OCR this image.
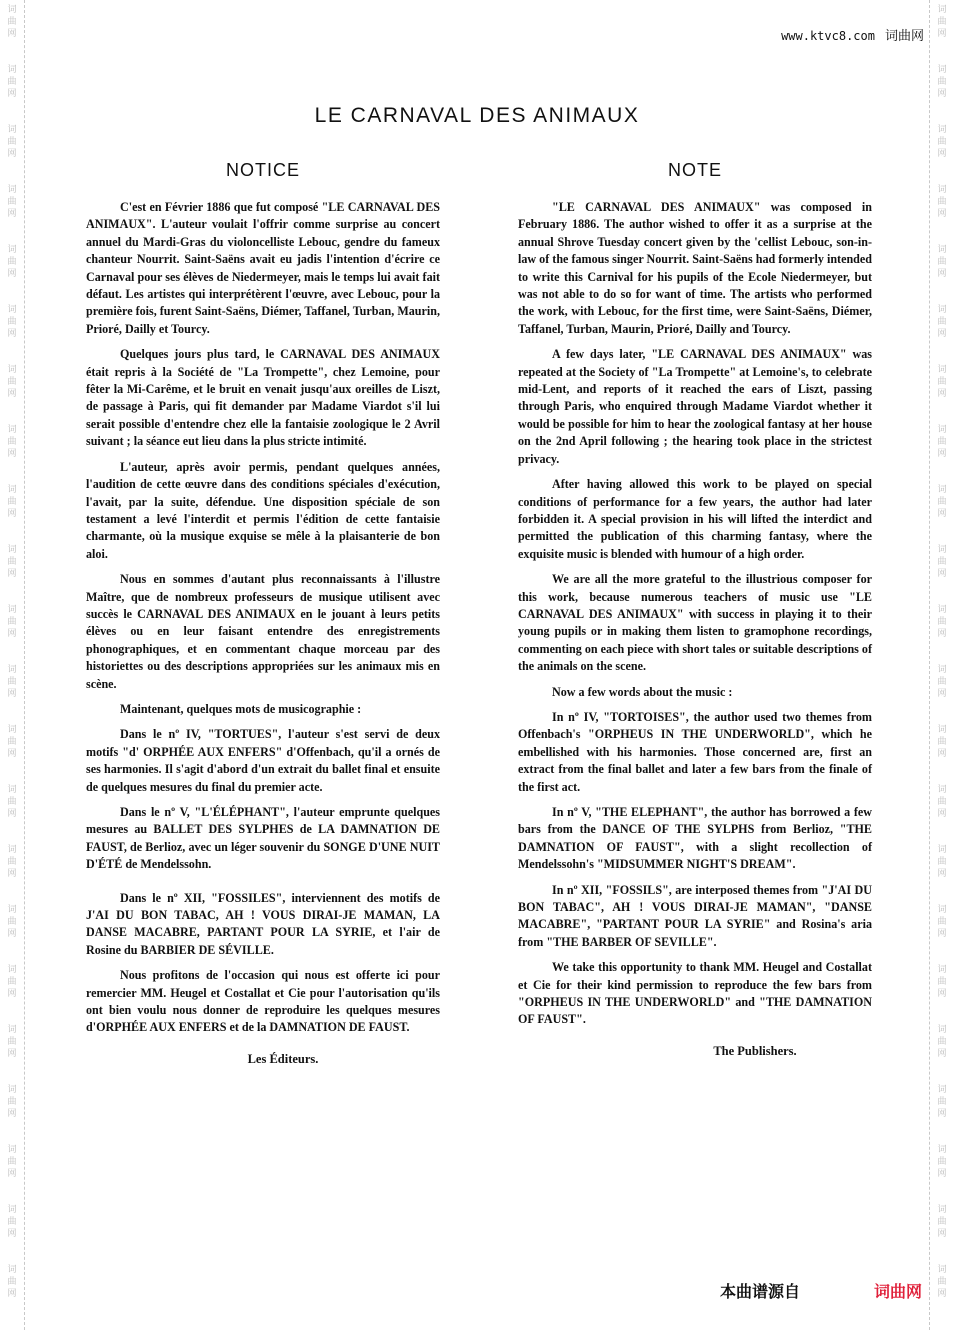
词曲网
词曲网
词曲网
词曲网
词曲网
词曲网
词曲网
词曲网
词曲网
词曲网
词曲网
词曲网
词曲网
词曲网
词曲网
词曲网
词曲网
词曲网
词曲网
词曲网
词曲网
词曲网
词曲网
词曲网
词曲网
词曲网
词曲网
词曲网
词曲网
词曲网
词曲网
词曲网
词曲网
词曲网
词曲网
词曲网
词曲网
词曲网
词曲网
词曲网
词曲网
词曲网
词曲网
词曲网
www.ktvc8.com 词曲网
LE CARNAVAL DES ANIMAUX
NOTICE

C'est en Février 1886 que fut composé "LE CARNAVAL DES ANIMAUX". L'auteur voulait l'offrir comme surprise au concert annuel du Mardi-Gras du violoncelliste Lebouc, gendre du fameux chanteur Nourrit. Saint-Saëns avait eu jadis l'intention d'écrire ce Carnaval pour ses élèves de Niedermeyer, mais le temps lui avait fait défaut. Les artistes qui interprétèrent l'œuvre, avec Lebouc, pour la première fois, furent Saint-Saëns, Diémer, Taffanel, Turban, Maurin, Prioré, Dailly et Tourcy.

Quelques jours plus tard, le CARNAVAL DES ANIMAUX était repris à la Société de "La Trompette", chez Lemoine, pour fêter la Mi-Carême, et le bruit en venait jusqu'aux oreilles de Liszt, de passage à Paris, qui fit demander par Madame Viardot s'il lui serait possible d'entendre chez elle la fantaisie zoologique le 2 Avril suivant ; la séance eut lieu dans la plus stricte intimité.

L'auteur, après avoir permis, pendant quelques années, l'audition de cette œuvre dans des conditions spéciales d'exécution, l'avait, par la suite, défendue. Une disposition spéciale de son testament a levé l'interdit et permis l'édition de cette fantaisie charmante, où la musique exquise se mêle à la plaisanterie de bon aloi.

Nous en sommes d'autant plus reconnaissants à l'illustre Maître, que de nombreux professeurs de musique utilisent avec succès le CARNAVAL DES ANIMAUX en le jouant à leurs petits élèves ou en leur faisant entendre des enregistrements phonographiques, et en commentant chaque morceau par des historiettes ou des descriptions appropriées sur les animaux mis en scène.

Maintenant, quelques mots de musicographie :

Dans le nº IV, "TORTUES", l'auteur s'est servi de deux motifs "d' ORPHÉE AUX ENFERS" d'Offenbach, qu'il a ornés de ses harmonies. Il s'agit d'abord d'un extrait du ballet final et ensuite de quelques mesures du final du premier acte.

Dans le nº V, "L'ÉLÉPHANT", l'auteur emprunte quelques mesures au BALLET DES SYLPHES de LA DAMNATION DE FAUST, de Berlioz, avec un léger souvenir du SONGE D'UNE NUIT D'ÉTÉ de Mendelssohn.

Dans le nº XII, "FOSSILES", interviennent des motifs de J'AI DU BON TABAC, AH ! VOUS DIRAI-JE MAMAN, LA DANSE MACABRE, PARTANT POUR LA SYRIE, et l'air de Rosine du BARBIER DE SÉVILLE.

Nous profitons de l'occasion qui nous est offerte ici pour remercier MM. Heugel et Costallat et Cie pour l'autorisation qu'ils ont bien voulu nous donner de reproduire les quelques mesures d'ORPHÉE AUX ENFERS et de la DAMNATION DE FAUST.

Les Éditeurs.

NOTE

"LE CARNAVAL DES ANIMAUX" was composed in February 1886. The author wished to offer it as a surprise at the annual Shrove Tuesday concert given by the 'cellist Lebouc, son-in-law of the famous singer Nourrit. Saint-Saëns had formerly intended to write this Carnival for his pupils of the Ecole Niedermeyer, but was not able to do so for want of time. The artists who performed the work, with Lebouc, for the first time, were Saint-Saëns, Diémer, Taffanel, Turban, Maurin, Prioré, Dailly and Tourcy.

A few days later, "LE CARNAVAL DES ANIMAUX" was repeated at the Society of "La Trompette" at Lemoine's, to celebrate mid-Lent, and reports of it reached the ears of Liszt, passing through Paris, who enquired through Madame Viardot whether it would be possible for him to hear the zoological fantasy at her house on the 2nd April following ; the hearing took place in the strictest privacy.

After having allowed this work to be played on special conditions of performance for a few years, the author had later forbidden it. A special provision in his will lifted the interdict and permitted the publication of this charming fantasy, where the exquisite music is blended with humour of a high order.

We are all the more grateful to the illustrious composer for this work, because numerous teachers of music use "LE CARNAVAL DES ANIMAUX" with success in playing it to their young pupils or in making them listen to gramophone recordings, commenting on each piece with short tales or suitable descriptions of the animals on the scene.

Now a few words about the music :

In nº IV, "TORTOISES", the author used two themes from Offenbach's "ORPHEUS IN THE UNDERWORLD", which he embellished with his harmonies. Those concerned are, first an extract from the final ballet and later a few bars from the finale of the first act.

In nº V, "THE ELEPHANT", the author has borrowed a few bars from the DANCE OF THE SYLPHS from Berlioz, "THE DAMNATION OF FAUST", with a slight recollection of Mendelssohn's "MIDSUMMER NIGHT'S DREAM".

In nº XII, "FOSSILS", are interposed themes from "J'AI DU BON TABAC", AH ! VOUS DIRAI-JE MAMAN", "DANSE MACABRE", "PARTANT POUR LA SYRIE" and Rosina's aria from "THE BARBER OF SEVILLE".

We take this opportunity to thank MM. Heugel and Costallat et Cie for their kind permission to reproduce the few bars from "ORPHEUS IN THE UNDERWORLD" and "THE DAMNATION OF FAUST".

The Publishers.

本曲谱源自	词曲网
